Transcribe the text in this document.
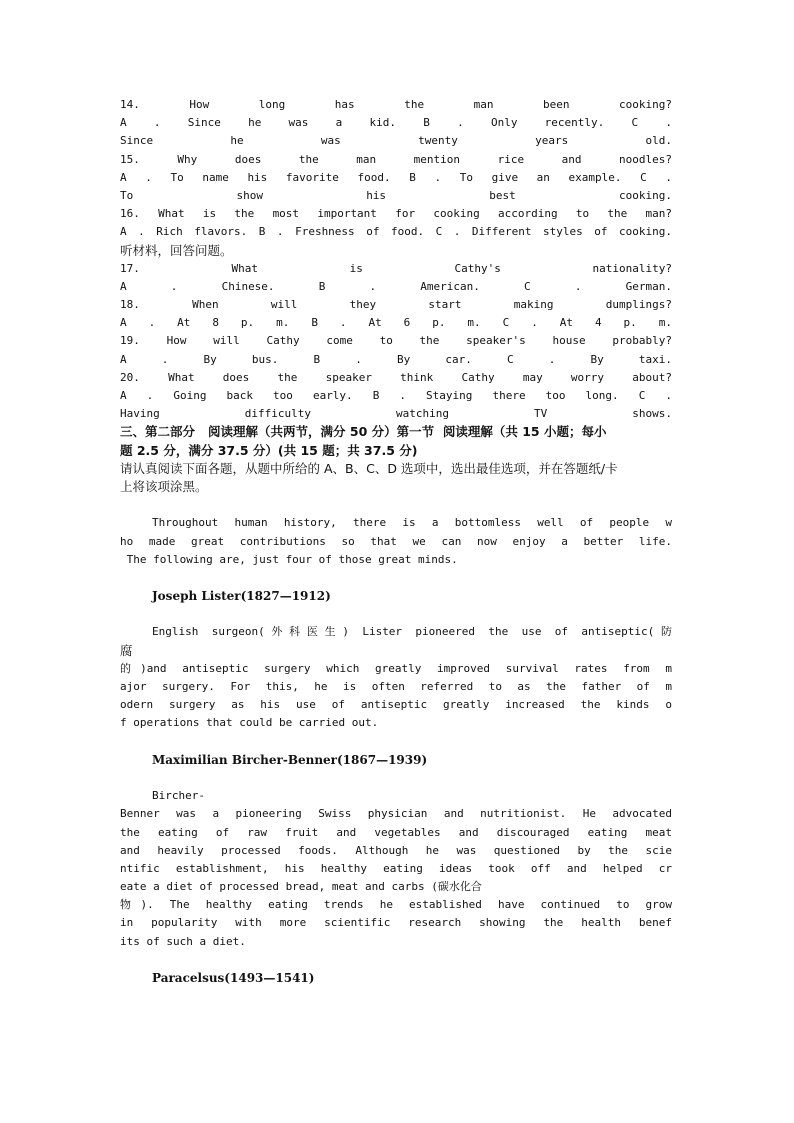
14. How long has the man been cooking?
A . Since he was a kid. B . Only recently. C .
Since he was twenty years old.
15. Why does the man mention rice and noodles?
A . To name his favorite food. B . To give an example. C .
To show his best cooking.
16. What is the most important for cooking according to the man?
A . Rich flavors. B . Freshness of food. C . Different styles of cooking.
听材料，回答问题。
17. What is Cathy's nationality?
A . Chinese. B . American. C . German.
18. When will they start making dumplings?
A . At 8 p. m. B . At 6 p. m. C . At 4 p. m.
19. How will Cathy come to the speaker's house probably?
A . By bus. B . By car. C . By taxi.
20. What does the speaker think Cathy may worry about?
A . Going back too early. B . Staying there too long. C .
Having difficulty watching TV shows.
三、第二部分   阅读理解（共两节，满分 50 分）第一节  阅读理解（共 15 小题；每小
题 2.5 分，满分 37.5 分）(共 15 题；共 37.5 分)
请认真阅读下面各题，从题中所给的 A、B、C、D 选项中，选出最佳选项，并在答题纸/卡
上将该项涂黑。
Throughout human history, there is a bottomless well of people w
ho made great contributions so that we can now enjoy a better life.
The following are, just four of those great minds.
Joseph Lister(1827—1912)
English surgeon(外科医生) Lister pioneered the use of antiseptic(防
腐
的)and antiseptic surgery which greatly improved survival rates from m
ajor surgery. For this, he is often referred to as the father of m
odern surgery as his use of antiseptic greatly increased the kinds o
f operations that could be carried out.
Maximilian Bircher-Benner(1867—1939)
Bircher-
Benner was a pioneering Swiss physician and nutritionist. He advocated
the eating of raw fruit and vegetables and discouraged eating meat
and heavily processed foods. Although he was questioned by the scie
ntific establishment, his healthy eating ideas took off and helped cr
eate a diet of processed bread, meat and carbs (碳水化合
物). The healthy eating trends he established have continued to grow
in popularity with more scientific research showing the health benef
its of such a diet.
Paracelsus(1493—1541)
